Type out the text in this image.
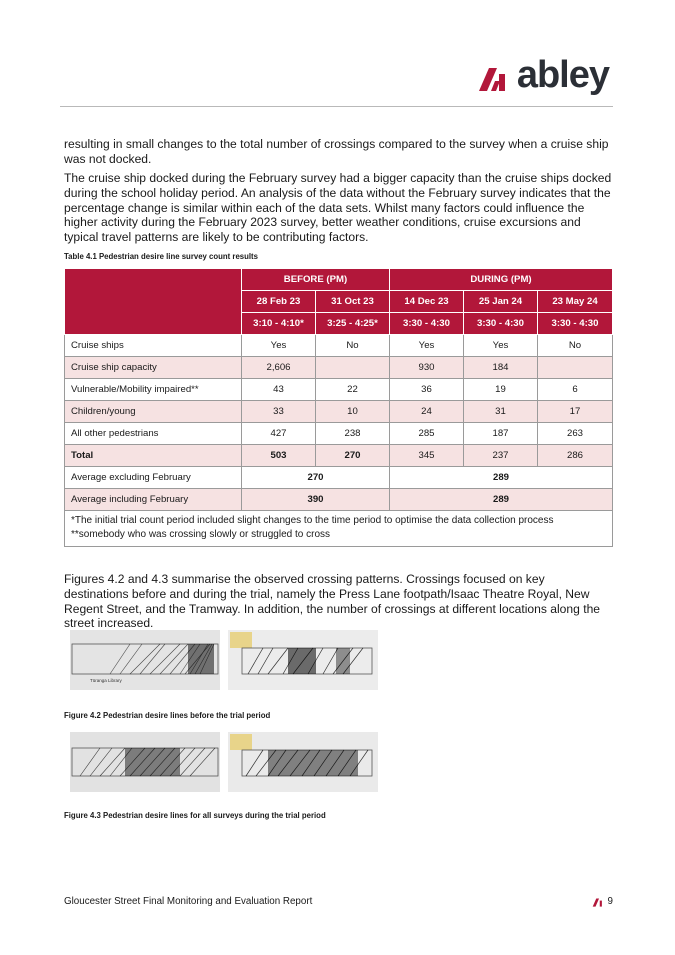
abley

resulting in small changes to the total number of crossings compared to the survey when a cruise ship was not docked.

The cruise ship docked during the February survey had a bigger capacity than the cruise ships docked during the school holiday period. An analysis of the data without the February survey indicates that the percentage change is similar within each of the data sets. Whilst many factors could influence the higher activity during the February 2023 survey, better weather conditions, cruise excursions and typical travel patterns are likely to be contributing factors.

Table 4.1 Pedestrian desire line survey count results

	BEFORE (PM)		DURING (PM)		
	28 Feb 23	31 Oct 23	14 Dec 23	25 Jan 24	23 May 24
	3:10 - 4:10*	3:25 - 4:25*	3:30 - 4:30	3:30 - 4:30	3:30 - 4:30
Cruise ships	Yes	No	Yes	Yes	No
Cruise ship capacity	2,606		930	184	
Vulnerable/Mobility impaired**	43	22	36	19	6
Children/young	33	10	24	31	17
All other pedestrians	427	238	285	187	263
Total	503	270	345	237	286
Average excluding February	270		289		
Average including February	390		289		

*The initial trial count period included slight changes to the time period to optimise the data collection process
**somebody who was crossing slowly or struggled to cross					

Figures 4.2 and 4.3 summarise the observed crossing patterns. Crossings focused on key destinations before and during the trial, namely the Press Lane footpath/Isaac Theatre Royal, New Regent Street, and the Tramway. In addition, the number of crossings at different locations along the street increased.

Tūranga Library

Figure 4.2 Pedestrian desire lines before the trial period

Figure 4.3 Pedestrian desire lines for all surveys during the trial period

Gloucester Street Final Monitoring and Evaluation Report	9
